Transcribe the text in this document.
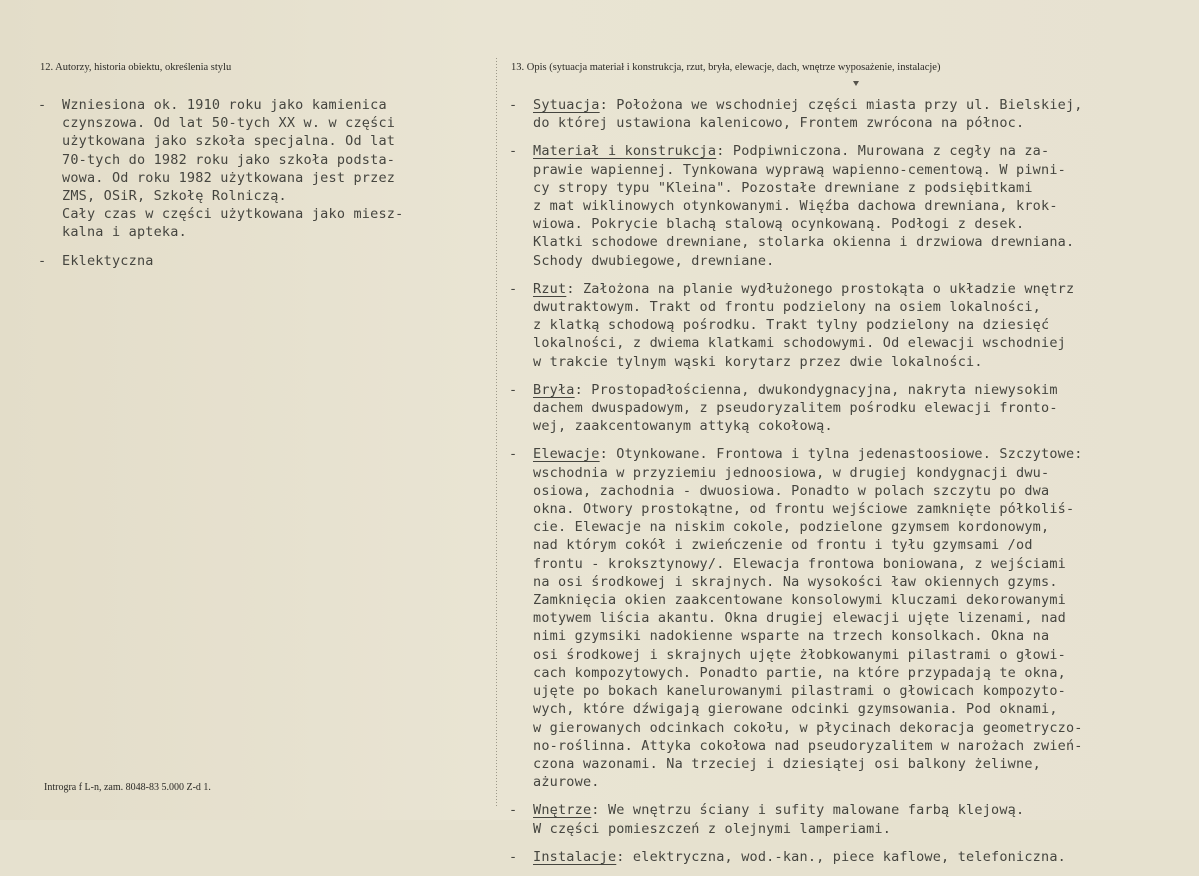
12. Autorzy, historia obiektu, określenia stylu	13. Opis (sytuacja materiał i konstrukcja, rzut, bryła, elewacje, dach, wnętrze wyposażenie, instalacje)
- Wzniesiona ok. 1910 roku jako kamienica
czynszowa. Od lat 50-tych XX w. w części
użytkowana jako szkoła specjalna. Od lat
70-tych do 1982 roku jako szkoła podsta-
wowa. Od roku 1982 użytkowana jest przez
ZMS, OSiR, Szkołę Rolniczą.
Cały czas w części użytkowana jako miesz-
kalna i apteka.
- Eklektyczna
- Sytuacja: Położona we wschodniej części miasta przy ul. Bielskiej,
do której ustawiona kalenicowo, Frontem zwrócona na północ.
- Materiał i konstrukcja: Podpiwniczona. Murowana z cegły na za-
prawie wapiennej. Tynkowana wyprawą wapienno-cementową. W piwni-
cy stropy typu "Kleina". Pozostałe drewniane z podsiębitkami
z mat wiklinowych otynkowanymi. Więźba dachowa drewniana, krok-
wiowa. Pokrycie blachą stalową ocynkowaną. Podłogi z desek.
Klatki schodowe drewniane, stolarka okienna i drzwiowa drewniana.
Schody dwubiegowe, drewniane.
- Rzut: Założona na planie wydłużonego prostokąta o układzie wnętrz
dwutraktowym. Trakt od frontu podzielony na osiem lokalności,
z klatką schodową pośrodku. Trakt tylny podzielony na dziesięć
lokalności, z dwiema klatkami schodowymi. Od elewacji wschodniej
w trakcie tylnym wąski korytarz przez dwie lokalności.
- Bryła: Prostopadłościenna, dwukondygnacyjna, nakryta niewysokim
dachem dwuspadowym, z pseudoryzalitem pośrodku elewacji fronto-
wej, zaakcentowanym attyką cokołową.
- Elewacje: Otynkowane. Frontowa i tylna jedenastoosiowe. Szczytowe:
wschodnia w przyziemiu jednoosiowa, w drugiej kondygnacji dwu-
osiowa, zachodnia - dwuosiowa. Ponadto w polach szczytu po dwa
okna. Otwory prostokątne, od frontu wejściowe zamknięte półkoliś-
cie. Elewacje na niskim cokole, podzielone gzymsem kordonowym,
nad którym cokół i zwieńczenie od frontu i tyłu gzymsami /od
frontu - kroksztynowy/. Elewacja frontowa boniowana, z wejściami
na osi środkowej i skrajnych. Na wysokości ław okiennych gzyms.
Zamknięcia okien zaakcentowane konsolowymi kluczami dekorowanymi
motywem liścia akantu. Okna drugiej elewacji ujęte lizenami, nad
nimi gzymsiki nadokienne wsparte na trzech konsolkach. Okna na
osi środkowej i skrajnych ujęte żłobkowanymi pilastrami o głowi-
cach kompozytowych. Ponadto partie, na które przypadają te okna,
ujęte po bokach kanelurowanymi pilastrami o głowicach kompozyto-
wych, które dźwigają gierowane odcinki gzymsowania. Pod oknami,
w gierowanych odcinkach cokołu, w płycinach dekoracja geometryczo-
no-roślinna. Attyka cokołowa nad pseudoryzalitem w narożach zwień-
czona wazonami. Na trzeciej i dziesiątej osi balkony żeliwne,
ażurowe.
- Wnętrze: We wnętrzu ściany i sufity malowane farbą klejową.
W części pomieszczeń z olejnymi lamperiami.
- Instalacje: elektryczna, wod.-kan., piece kaflowe, telefoniczna.
Introgra f L-n, zam. 8048-83 5.000 Z-d 1.
